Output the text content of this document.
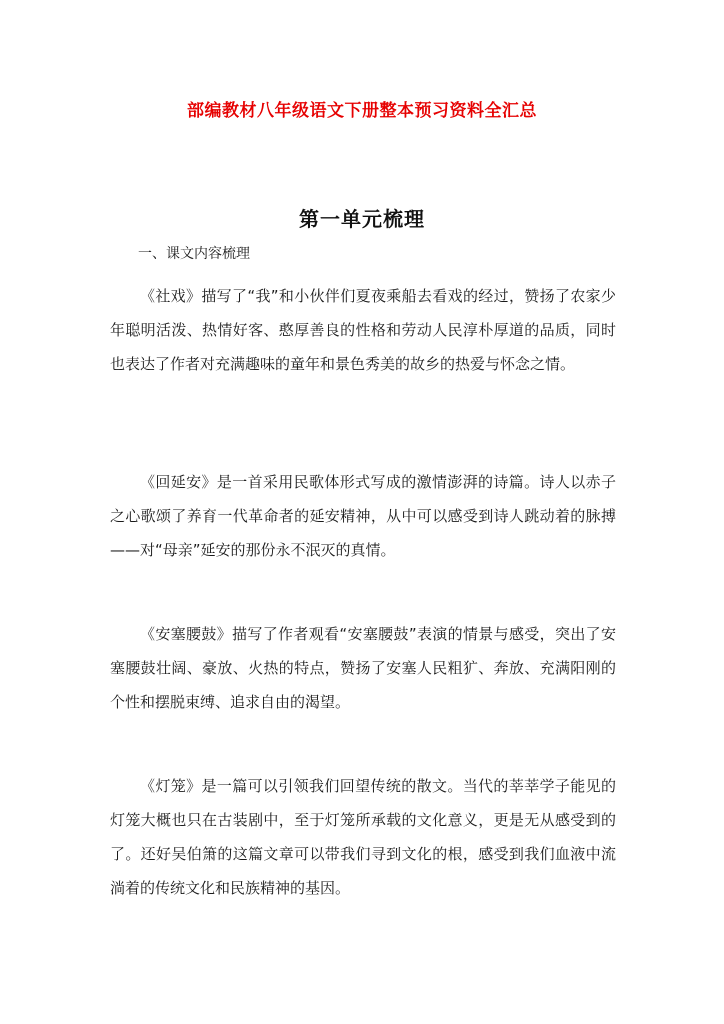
部编教材八年级语文下册整本预习资料全汇总
第一单元梳理
一、课文内容梳理

《社戏》描写了“我”和小伙伴们夏夜乘船去看戏的经过，赞扬了农家少年聪明活泼、热情好客、憨厚善良的性格和劳动人民淳朴厚道的品质，同时也表达了作者对充满趣味的童年和景色秀美的故乡的热爱与怀念之情。

《回延安》是一首采用民歌体形式写成的激情澎湃的诗篇。诗人以赤子之心歌颂了养育一代革命者的延安精神，从中可以感受到诗人跳动着的脉搏——对“母亲”延安的那份永不泯灭的真情。

《安塞腰鼓》描写了作者观看“安塞腰鼓”表演的情景与感受，突出了安塞腰鼓壮阔、豪放、火热的特点，赞扬了安塞人民粗犷、奔放、充满阳刚的个性和摆脱束缚、追求自由的渴望。

《灯笼》是一篇可以引领我们回望传统的散文。当代的莘莘学子能见的灯笼大概也只在古装剧中，至于灯笼所承载的文化意义，更是无从感受到的了。还好吴伯箫的这篇文章可以带我们寻到文化的根，感受到我们血液中流淌着的传统文化和民族精神的基因。
